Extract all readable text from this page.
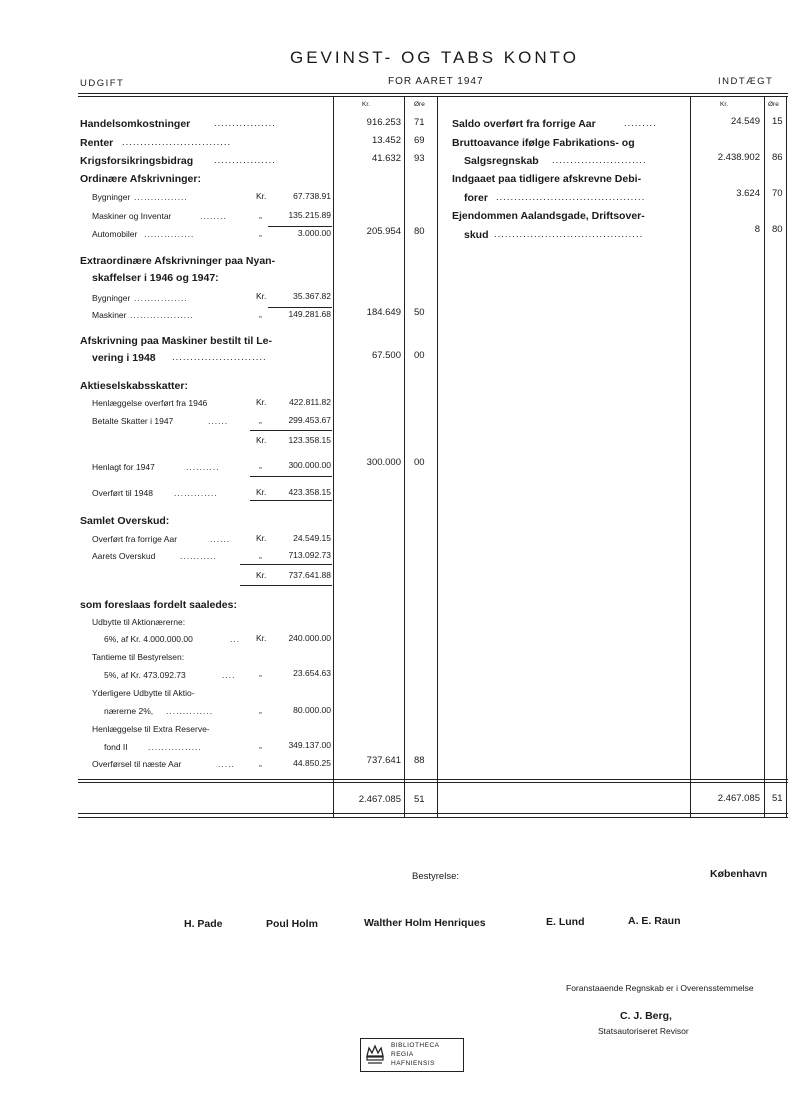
GEVINST- OG TABS KONTO
UDGIFT	FOR AARET 1947	INDTÆGT
Kr.	Øre	Kr.	Øre
Handelsomkostninger .................	916.253 71
Renter ..............................	13.452 69
Krigsforsikringsbidrag .................	41.632 93
Ordinære Afskrivninger:
Bygninger ................	Kr.	67.738.91
Maskiner og Inventar	........	„	135.215.89
Automobiler ...............	„	3.000.00	205.954 80
Extraordinære Afskrivninger paa Nyan-
skaffelser i 1946 og 1947:
Bygninger ................	Kr.	35.367.82
Maskiner ...................	„	149.281.68	184.649 50
Afskrivning paa Maskiner bestilt til Le-
vering i 1948 ..........................	67.500 00
Aktieselskabsskatter:
Henlæggelse overført fra 1946	Kr.	422.811.82
Betalte Skatter i 1947	......	„	299.453.67
Kr.	123.358.15
Henlagt for 1947	..........	„	300.000.00	300.000 00
Overført til 1948 .............	Kr.	423.358.15
Samlet Overskud:
Overført fra forrige Aar	......	Kr.	24.549.15
Aarets Overskud	...........	„	713.092.73
Kr.	737.641.88
som foreslaas fordelt saaledes:
Udbytte til Aktionærerne:
6%, af Kr. 4.000.000.00	... Kr.	240.000.00
Tantieme til Bestyrelsen:
5%, af Kr. 473.092.73	....	„	23.654.63
Yderligere Udbytte til Aktio-
nærerne 2%, ..............	„	80.000.00
Henlæggelse til Extra Reserve-
fond II ................	„	349.137.00
Overførsel til næste Aar	.....	„	44.850.25	737.641 88
Saldo overført fra forrige Aar	.........	24.549 15
Bruttoavance ifølge Fabrikations- og
Salgsregnskab ..........................	2.438.902 86
Indgaaet paa tidligere afskrevne Debi-
forer .........................................	3.624 70
Ejendommen Aalandsgade, Driftsover-
skud .........................................	8 80
2.467.085 51	2.467.085 51
Bestyrelse:	København
H. Pade	Poul Holm	Walther Holm Henriques	E. Lund	A. E. Raun
Foranstaaende Regnskab er i Overensstemmelse
C. J. Berg,
Statsautoriseret Revisor
BIBLIOTHECA
REGIA
HAFNIENSIS
